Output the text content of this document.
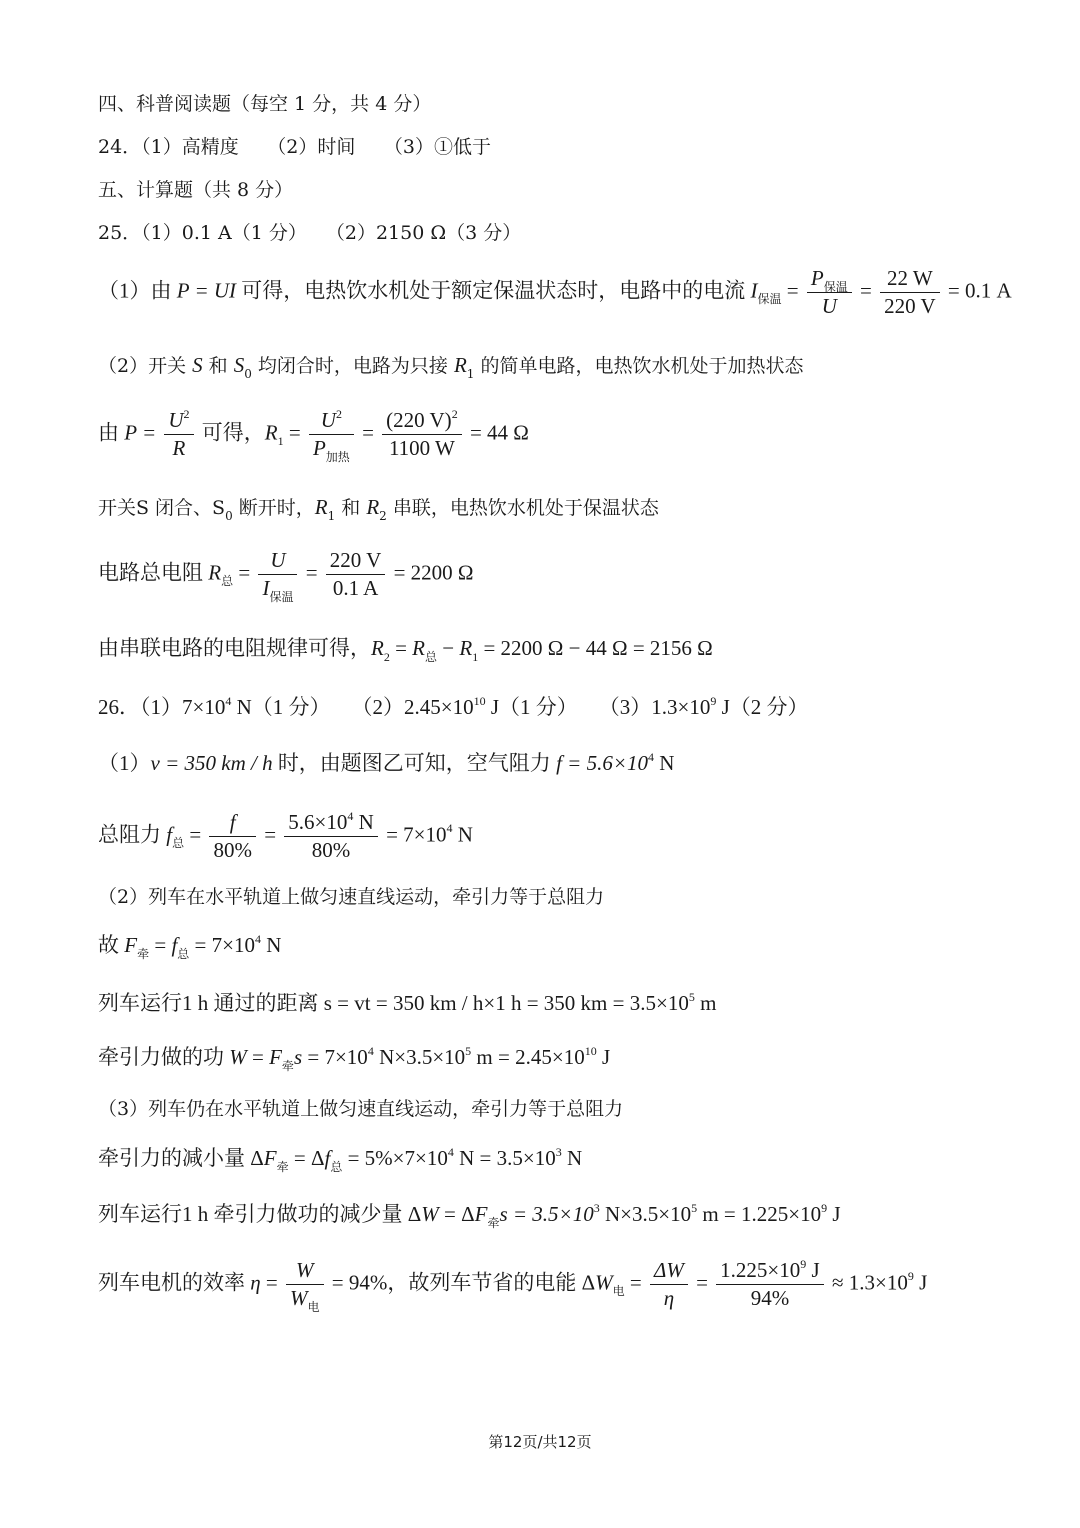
四、科普阅读题（每空 1 分，共 4 分）
24．（1）高精度　　（2）时间　　（3）①低于
五、计算题（共 8 分）
25．（1）0.1 A（1 分）　　（2）2150 Ω（3 分）
（1）由 P = UI 可得，电热饮水机处于额定保温状态时，电路中的电流 $I_{保温} = \frac{P_{保温}}{U} = \frac{22 W}{220 V} = 0.1$ A
（2）开关 S 和 $S_0$ 均闭合时，电路为只接 $R_1$ 的简单电路，电热饮水机处于加热状态
由 $P = \frac{U^2}{R}$ 可得，$R_1 = \frac{U^2}{P_{加热}} = \frac{(220 V)^2}{1100 W} = 44$ Ω
开关S 闭合、$S_0$ 断开时，$R_1$ 和 $R_2$ 串联，电热饮水机处于保温状态
电路总电阻 $R_总 = \frac{U}{I_{保温}} = \frac{220 V}{0.1 A} = 2200$ Ω
由串联电路的电阻规律可得，$R_2 = R_总 - R_1 = 2200$ Ω − 44 Ω = 2156 Ω
26．$(1)7\times 10^4$ N（1 分）　　$(2)2.45\times 10^{10}$ J（1 分）　　$(3)1.3\times 10^9$ J（2 分）
（1）v = 350 km / h 时，由题图乙可知，空气阻力 $f = 5.6\times 10^4$ N
总阻力 $f_总 = \frac{f}{80\%} = \frac{5.6\times 10^4 N}{80\%} = 7\times 10^4$ N
（2）列车在水平轨道上做匀速直线运动，牵引力等于总阻力
故 $F_牵 = f_总 = 7\times 10^4$ N
列车运行1 h 通过的距离 s = vt = 350 km / h×1 h = 350 km = $3.5\times 10^5$ m
牵引力做的功 $W = F_牵s = 7\times 10^4$ $N\times 3.5\times 10^5$ $m = 2.45\times 10^{10}$ J
（3）列车仍在水平轨道上做匀速直线运动，牵引力等于总阻力
牵引力的减小量 $\Delta F_牵 = \Delta f_总 = 5\%\times 7\times 10^4$ $N = 3.5\times 10^3$ N
列车运行1 h 牵引力做功的减少量 $\Delta W = \Delta F_牵s = 3.5\times 10^3$ $N\times 3.5\times 10^5$ $m = 1.225\times 10^9$ J
列车电机的效率 $\eta = \frac{W}{W_电} = 94\%$，故列车节省的电能 $\Delta W_电 = \frac{\Delta W}{\eta} = \frac{1.225\times 10^9 J}{94\%} \approx 1.3\times 10^9$ J
第12页/共12页
